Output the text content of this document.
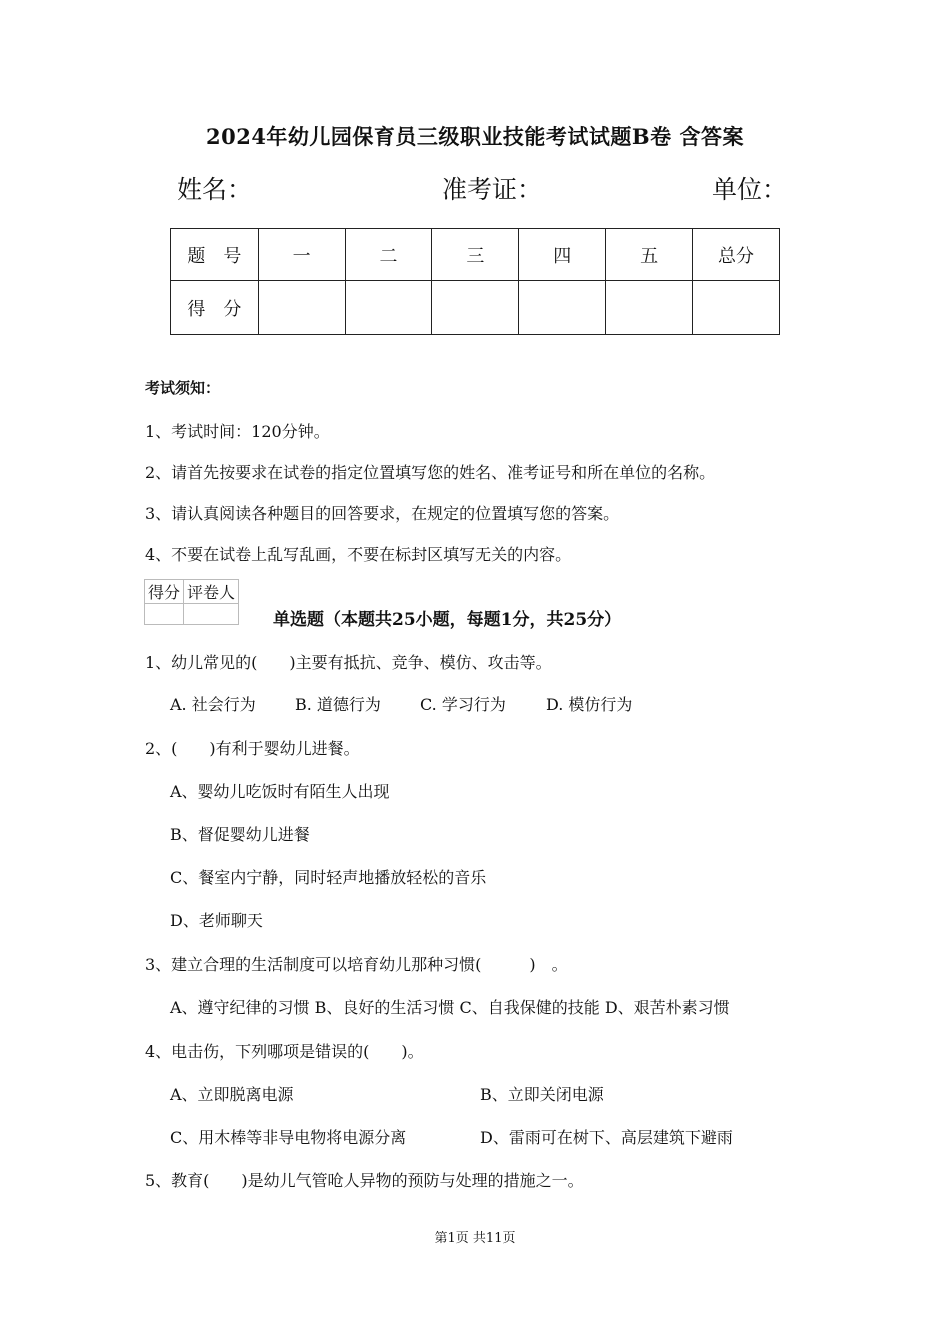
2024年幼儿园保育员三级职业技能考试试题B卷 含答案
姓名：	准考证：	单位：
题　号	一	二	三	四	五	总分
得　分						
考试须知：
1、考试时间：120分钟。
2、请首先按要求在试卷的指定位置填写您的姓名、准考证号和所在单位的名称。
3、请认真阅读各种题目的回答要求，在规定的位置填写您的答案。
4、不要在试卷上乱写乱画，不要在标封区填写无关的内容。
得分	评卷人

单选题（本题共25小题，每题1分，共25分）
1、幼儿常见的(　　)主要有抵抗、竞争、模仿、攻击等。
A. 社会行为 B. 道德行为 C. 学习行为	D. 模仿行为
2、(　　)有利于婴幼儿进餐。
A、婴幼儿吃饭时有陌生人出现
B、督促婴幼儿进餐
C、餐室内宁静，同时轻声地播放轻松的音乐
D、老师聊天
3、建立合理的生活制度可以培育幼儿那种习惯(　　　)　。
A、遵守纪律的习惯 B、良好的生活习惯 C、自我保健的技能 D、艰苦朴素习惯
4、电击伤，下列哪项是错误的(　　)。
A、立即脱离电源	B、立即关闭电源
C、用木棒等非导电物将电源分离	D、雷雨可在树下、高层建筑下避雨
5、教育(　　)是幼儿气管呛人异物的预防与处理的措施之一。
第1页 共11页
